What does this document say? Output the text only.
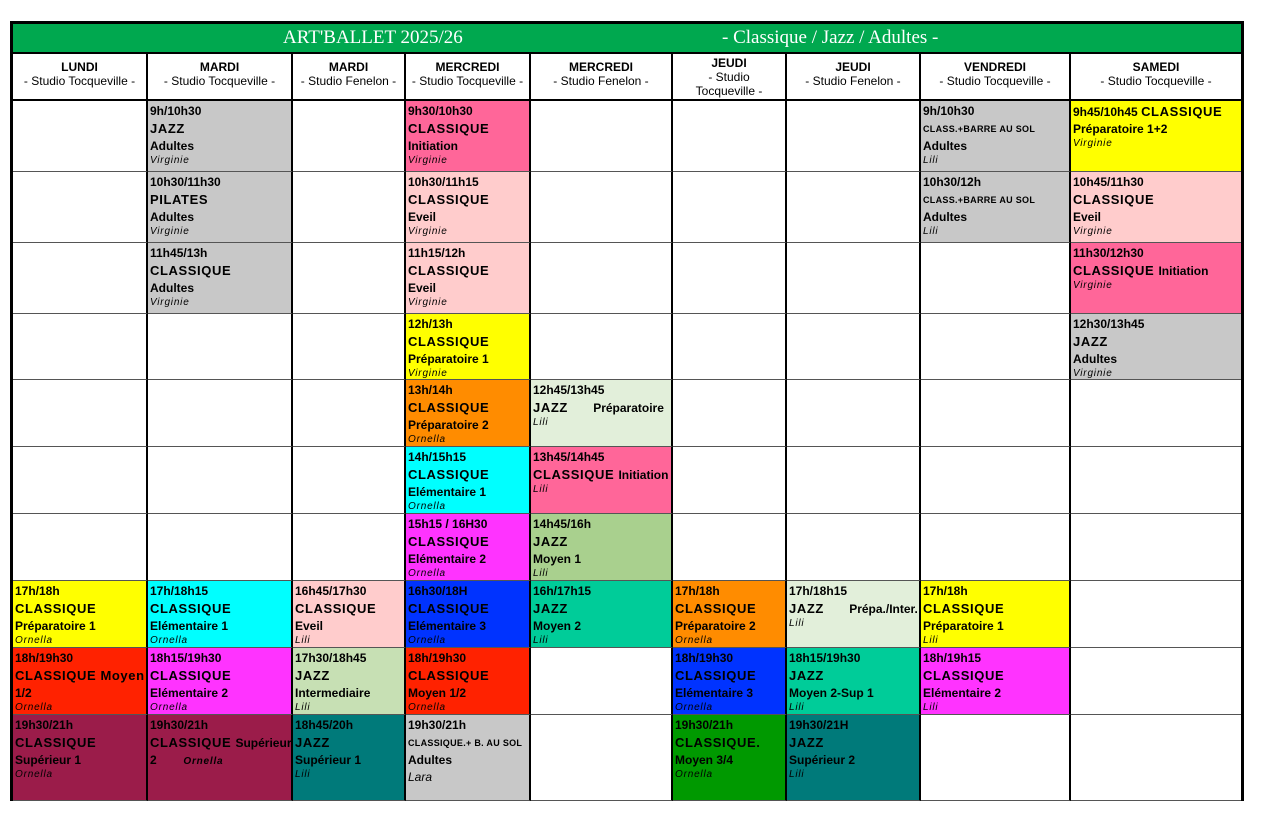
ART'BALLET 2025/26	- Classique / Jazz / Adultes -
LUNDI
- Studio Tocqueville -
MARDI
- Studio Tocqueville -
MARDI
- Studio Fenelon -
MERCREDI
- Studio Tocqueville -
MERCREDI
- Studio Fenelon -
JEUDI
- Studio Tocqueville -
JEUDI
- Studio Fenelon -
VENDREDI
- Studio Tocqueville -
SAMEDI
- Studio Tocqueville -
17h/18h
CLASSIQUE
Préparatoire 1
Ornella
18h/19h30
CLASSIQUE Moyen
1/2
Ornella
19h30/21h
CLASSIQUE
Supérieur 1
Ornella
9h/10h30
JAZZ
Adultes
Virginie
10h30/11h30
PILATES
Adultes
Virginie
11h45/13h
CLASSIQUE
Adultes
Virginie
17h/18h15
CLASSIQUE
Elémentaire 1
Ornella
18h15/19h30
CLASSIQUE
Elémentaire 2
Ornella
19h30/21h
CLASSIQUE Supérieur
2	Ornella
16h45/17h30
CLASSIQUE
Eveil
Lili
17h30/18h45
JAZZ
Intermediaire
Lili
18h45/20h
JAZZ
Supérieur 1
Lili
9h30/10h30
CLASSIQUE
Initiation
Virginie
10h30/11h15
CLASSIQUE
Eveil
Virginie
11h15/12h
CLASSIQUE
Eveil
Virginie
12h/13h
CLASSIQUE
Préparatoire 1
Virginie
13h/14h
CLASSIQUE
Préparatoire 2
Ornella
14h/15h15
CLASSIQUE
Elémentaire 1
Ornella
15h15 / 16H30
CLASSIQUE
Elémentaire 2
Ornella
16h30/18H
CLASSIQUE
Elémentaire 3
Ornella
18h/19h30
CLASSIQUE
Moyen 1/2
Ornella
19h30/21h
CLASSIQUE.+ B. AU SOL
Adultes
Lara
12h45/13h45
JAZZ Préparatoire
Lili
13h45/14h45
CLASSIQUE Initiation
Lili
14h45/16h
JAZZ
Moyen 1
Lili
16h/17h15
JAZZ
Moyen 2
Lili
17h/18h
CLASSIQUE
Préparatoire 2
Ornella
18h/19h30
CLASSIQUE
Elémentaire 3
Ornella
19h30/21h
CLASSIQUE.
Moyen 3/4
Ornella
17h/18h15
JAZZ Prépa./Inter.
Lili
18h15/19h30
JAZZ
Moyen 2-Sup 1
Lili
19h30/21H
JAZZ
Supérieur 2
Lili
9h/10h30
CLASS.+BARRE AU SOL
Adultes
Lili
10h30/12h
CLASS.+BARRE AU SOL
Adultes
Lili
17h/18h
CLASSIQUE
Préparatoire 1
Lili
18h/19h15
CLASSIQUE
Elémentaire 2
Lili
9h45/10h45 CLASSIQUE
Préparatoire 1+2
Virginie
10h45/11h30
CLASSIQUE
Eveil
Virginie
11h30/12h30
CLASSIQUE Initiation
Virginie
12h30/13h45
JAZZ
Adultes
Virginie
